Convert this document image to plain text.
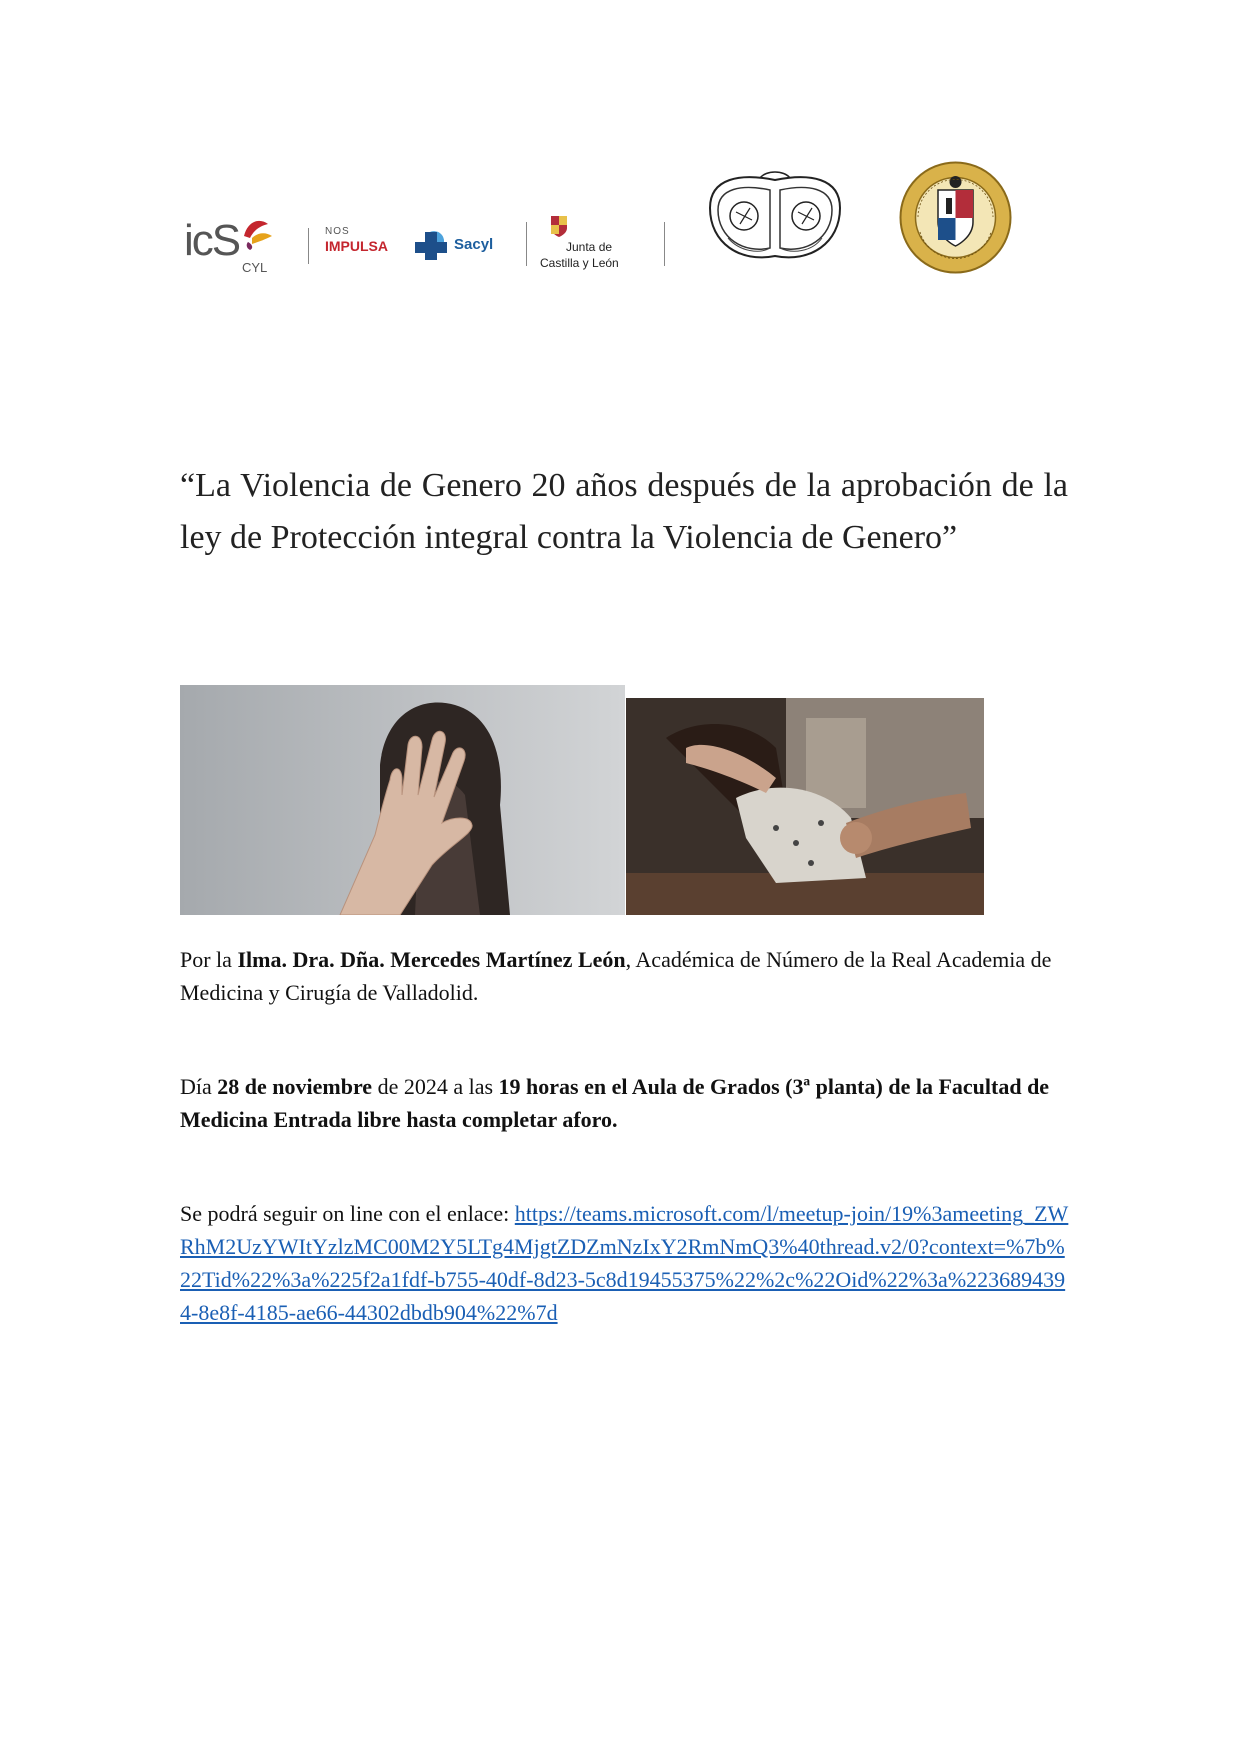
icS
CYL
NOS
IMPULSA	Sacyl	Junta de
Castilla y León
“La Violencia de Genero 20 años después de la aprobación de la ley de Protección integral contra la Violencia de Genero”
Por la Ilma. Dra. Dña. Mercedes Martínez León, Académica de Número de la Real Academia de Medicina y Cirugía de Valladolid.
Día 28 de noviembre de 2024 a las 19 horas en el Aula de Grados (3ª planta) de la Facultad de Medicina Entrada libre hasta completar aforo.
Se podrá seguir on line con el enlace: https://teams.microsoft.com/l/meetup-join/19%3ameeting_ZWRhM2UzYWItYzlzMC00M2Y5LTg4MjgtZDZmNzIxY2RmNmQ3%40thread.v2/0?context=%7b%22Tid%22%3a%225f2a1fdf-b755-40df-8d23-5c8d19455375%22%2c%22Oid%22%3a%2236894394-8e8f-4185-ae66-44302dbdb904%22%7d
